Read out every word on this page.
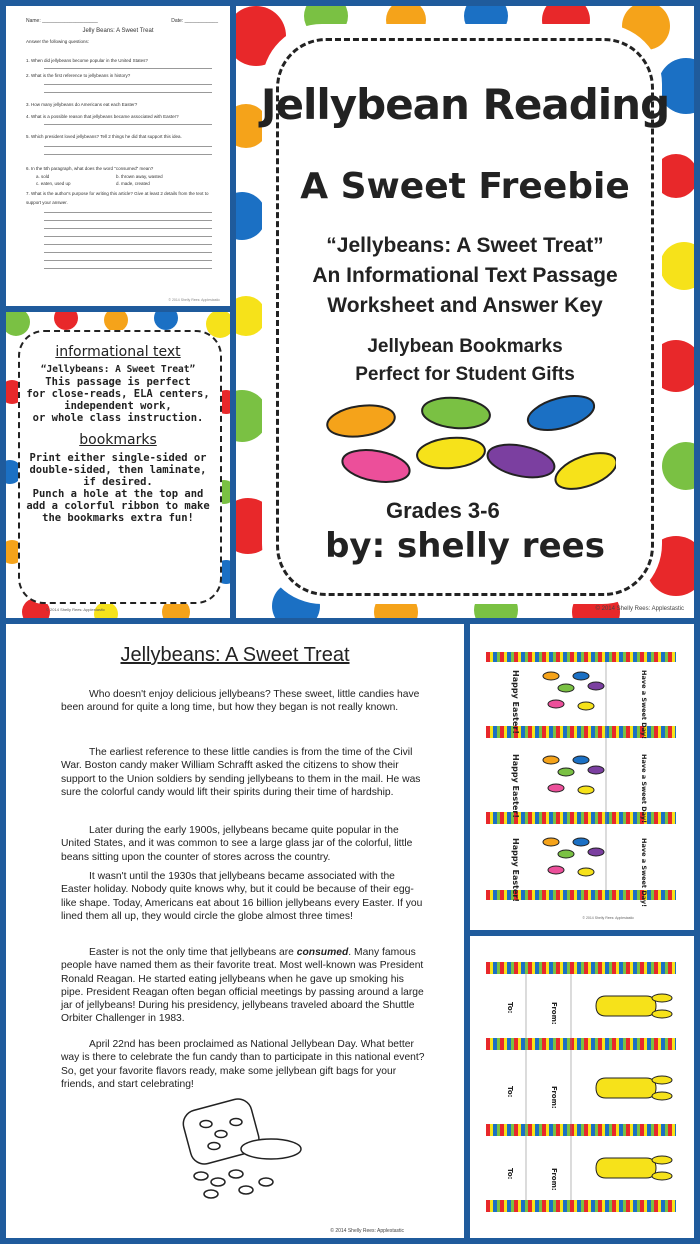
Name: ____________________	Date: ____________
Jelly Beans: A Sweet Treat
Answer the following questions:
1. When did jellybeans become popular in the United States?
2. What is the first reference to jellybeans in history?
3. How many jellybeans do Americans eat each Easter?
4. What is a possible reason that jellybeans became associated with Easter?
5. Which president loved jellybeans? Tell 2 things he did that support this idea.
6. In the 5th paragraph, what does the word "consumed" mean?
a. sold	b. thrown away, wasted
c. eaten, used up	d. made, created
7. What is the author's purpose for writing this article? Give at least 2 details from the text to support your answer.
© 2014 Shelly Rees: Applestastic
Jellybean Reading
A Sweet Freebie
“Jellybeans: A Sweet Treat”
An Informational Text Passage
Worksheet and Answer Key
Jellybean Bookmarks
Perfect for Student Gifts
Grades 3-6
by: shelly rees
© 2014 Shelly Rees: Applestastic
informational text
“Jellybeans: A Sweet Treat”
This passage is perfect
for close-reads, ELA centers,
independent work,
or whole class instruction.
bookmarks
Print either single-sided or
double-sided, then laminate,
if desired.
Punch a hole at the top and
add a colorful ribbon to make
the bookmarks extra fun!
© 2014 Shelly Rees: Applestastic
Jellybeans: A Sweet Treat
Who doesn't enjoy delicious jellybeans? These sweet, little candies have been around for quite a long time, but how they began is not really known.
The earliest reference to these little candies is from the time of the Civil War. Boston candy maker William Schrafft asked the citizens to show their support to the Union soldiers by sending jellybeans to them in the mail. He was sure the colorful candy would lift their spirits during their time of hardship.
Later during the early 1900s, jellybeans became quite popular in the United States, and it was common to see a large glass jar of the colorful, little beans sitting upon the counter of stores across the country.
It wasn't until the 1930s that jellybeans became associated with the Easter holiday. Nobody quite knows why, but it could be because of their egg-like shape. Today, Americans eat about 16 billion jellybeans every Easter. If you lined them all up, they would circle the globe almost three times!
Easter is not the only time that jellybeans are consumed. Many famous people have named them as their favorite treat. Most well-known was President Ronald Reagan. He started eating jellybeans when he gave up smoking his pipe. President Reagan often began official meetings by passing around a large jar of jellybeans! During his presidency, jellybeans traveled aboard the Shuttle Orbiter Challenger in 1983.
April 22nd has been proclaimed as National Jellybean Day. What better way is there to celebrate the fun candy than to participate in this national event? So, get your favorite flavors ready, make some jellybean gift bags for your friends, and start celebrating!
© 2014 Shelly Rees: Applestastic
Happy Easter!
Happy Easter!
Happy Easter!
Have a Sweet Day!
Have a Sweet Day!
Have a Sweet Day!
© 2014 Shelly Rees: Applestastic
To:	From:
To:	From:
To:	From:
